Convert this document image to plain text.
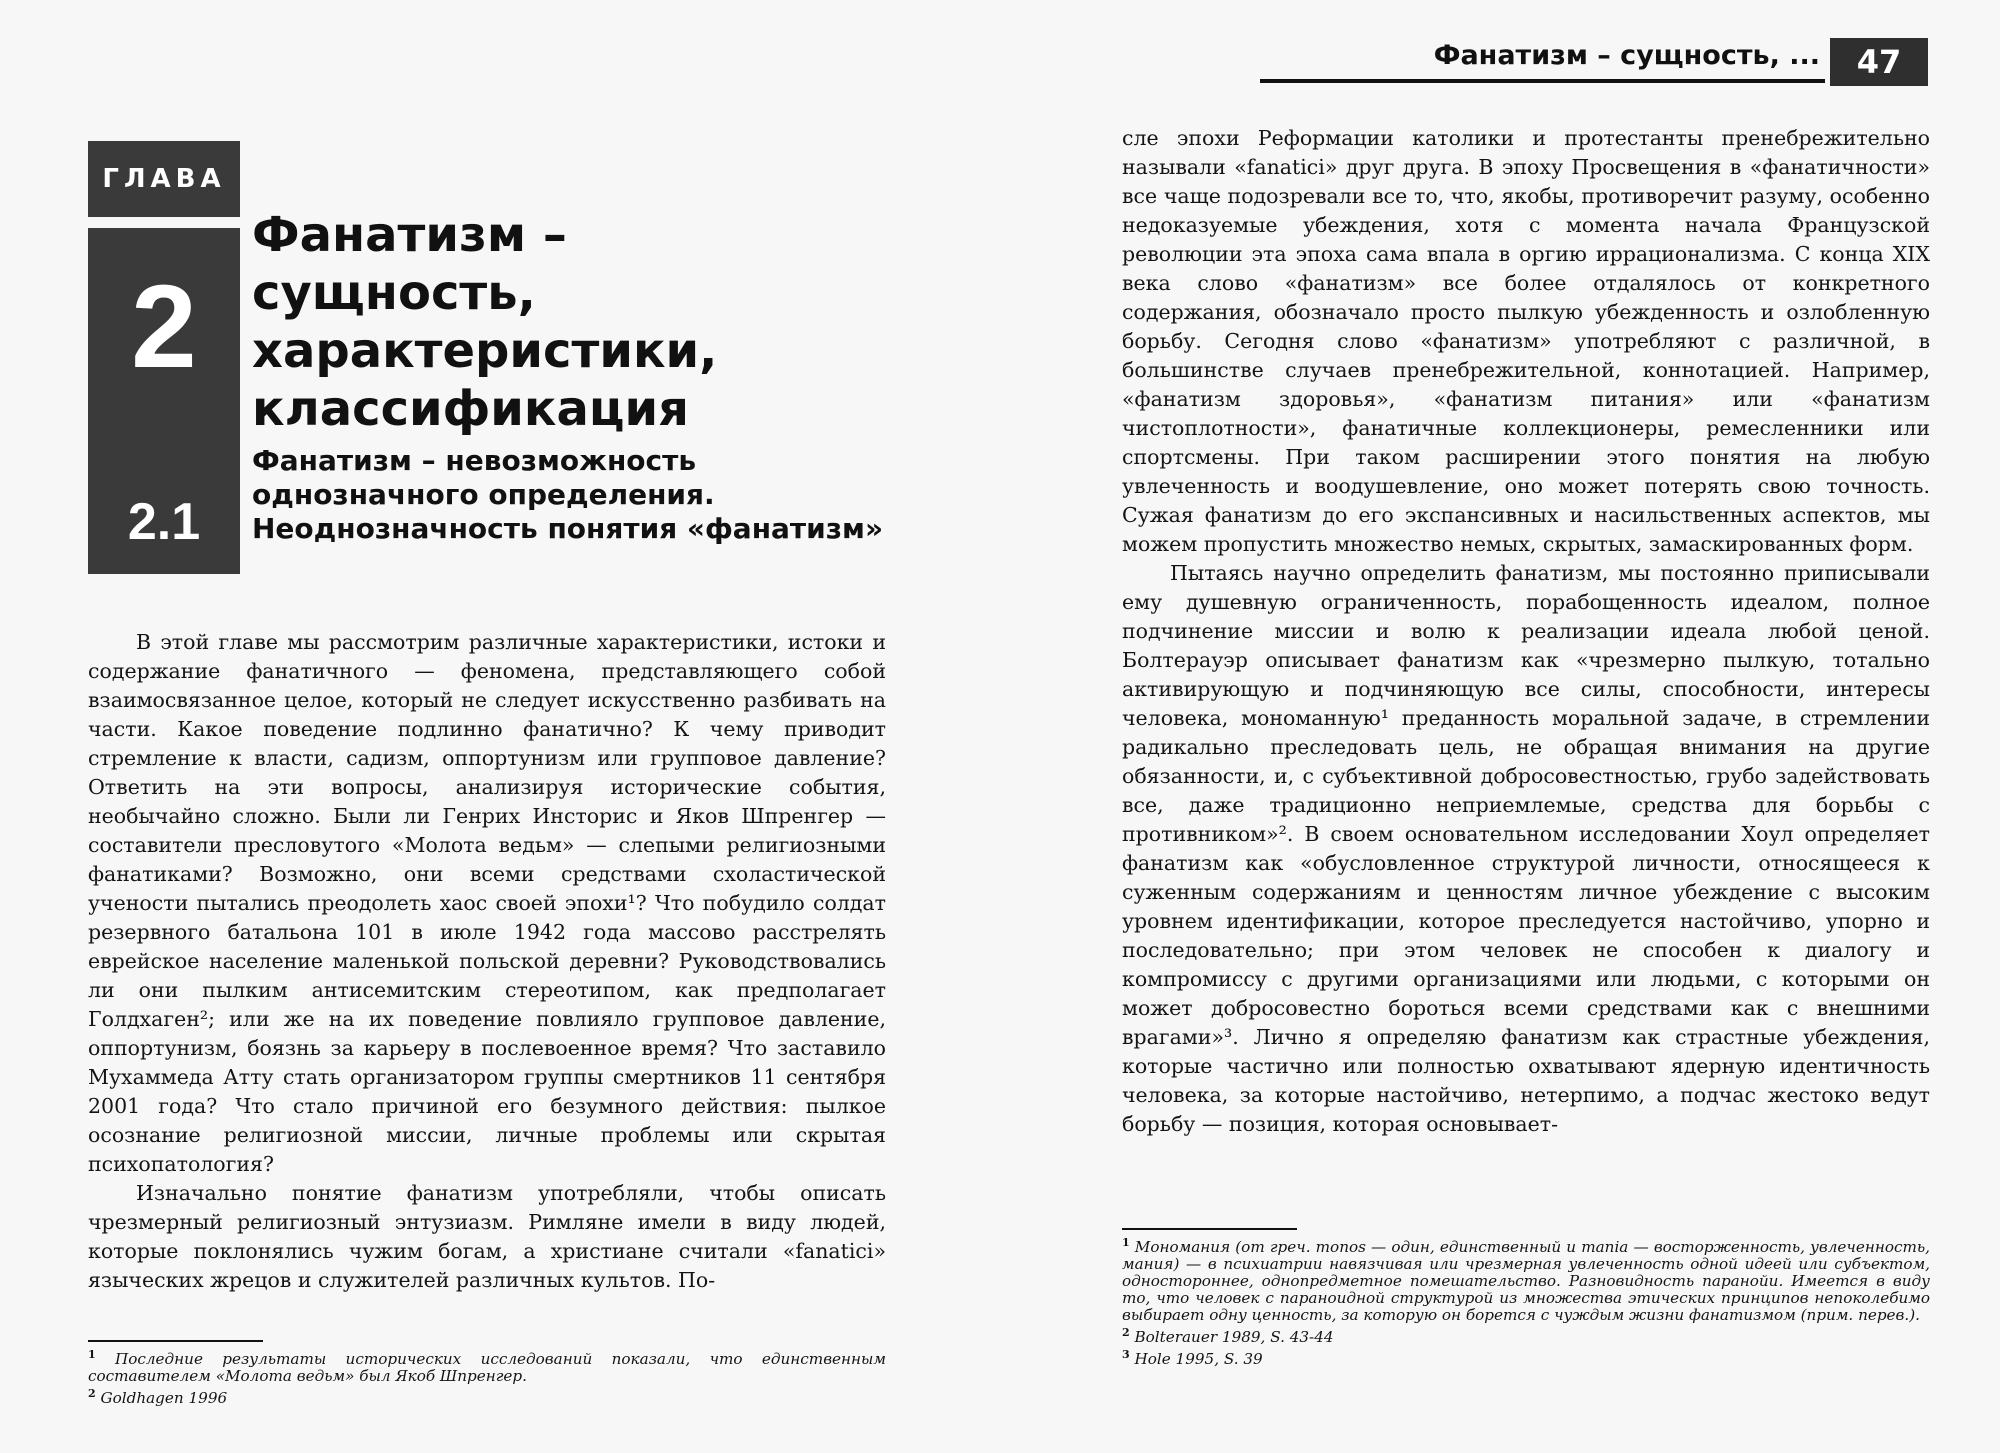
Фанатизм – сущность, ...	47
ГЛАВА
2
2.1
Фанатизм – сущность, характеристики, классификация
Фанатизм – невозможность однозначного определения. Неоднозначность понятия «фанатизм»

В этой главе мы рассмотрим различные характеристики, истоки и содержание фанатичного — феномена, представляющего собой взаимосвязанное целое, который не следует искусственно разбивать на части. Какое поведение подлинно фанатично? К чему приводит стремление к власти, садизм, оппортунизм или групповое давление? Ответить на эти вопросы, анализируя исторические события, необычайно сложно. Были ли Генрих Инсторис и Яков Шпренгер — составители пресловутого «Молота ведьм» — слепыми религиозными фанатиками? Возможно, они всеми средствами схоластической учености пытались преодолеть хаос своей эпохи¹? Что побудило солдат резервного батальона 101 в июле 1942 года массово расстрелять еврейское население маленькой польской деревни? Руководствовались ли они пылким антисемитским стереотипом, как предполагает Голдхаген²; или же на их поведение повлияло групповое давление, оппортунизм, боязнь за карьеру в послевоенное время? Что заставило Мухаммеда Атту стать организатором группы смертников 11 сентября 2001 года? Что стало причиной его безумного действия: пылкое осознание религиозной миссии, личные проблемы или скрытая психопатология?

Изначально понятие фанатизм употребляли, чтобы описать чрезмерный религиозный энтузиазм. Римляне имели в виду людей, которые поклонялись чужим богам, а христиане считали «fanatici» языческих жрецов и служителей различных культов. По-

$^1$ Последние результаты исторических исследований показали, что единственным составителем «Молота ведьм» был Якоб Шпренгер.

$^2$ Goldhagen 1996

сле эпохи Реформации католики и протестанты пренебрежительно называли «fanatici» друг друга. В эпоху Просвещения в «фанатичности» все чаще подозревали все то, что, якобы, противоречит разуму, особенно недоказуемые убеждения, хотя с момента начала Французской революции эта эпоха сама впала в оргию иррационализма. С конца XIX века слово «фанатизм» все более отдалялось от конкретного содержания, обозначало просто пылкую убежденность и озлобленную борьбу. Сегодня слово «фанатизм» употребляют с различной, в большинстве случаев пренебрежительной, коннотацией. Например, «фанатизм здоровья», «фанатизм питания» или «фанатизм чистоплотности», фанатичные коллекционеры, ремесленники или спортсмены. При таком расширении этого понятия на любую увлеченность и воодушевление, оно может потерять свою точность. Сужая фанатизм до его экспансивных и насильственных аспектов, мы можем пропустить множество немых, скрытых, замаскированных форм.

Пытаясь научно определить фанатизм, мы постоянно приписывали ему душевную ограниченность, порабощенность идеалом, полное подчинение миссии и волю к реализации идеала любой ценой. Болтерауэр описывает фанатизм как «чрезмерно пылкую, тотально активирующую и подчиняющую все силы, способности, интересы человека, мономанную¹ преданность моральной задаче, в стремлении радикально преследовать цель, не обращая внимания на другие обязанности, и, с субъективной добросовестностью, грубо задействовать все, даже традиционно неприемлемые, средства для борьбы с противником»². В своем основательном исследовании Хоул определяет фанатизм как «обусловленное структурой личности, относящееся к суженным содержаниям и ценностям личное убеждение с высоким уровнем идентификации, которое преследуется настойчиво, упорно и последовательно; при этом человек не способен к диалогу и компромиссу с другими организациями или людьми, с которыми он может добросовестно бороться всеми средствами как с внешними врагами»³. Лично я определяю фанатизм как страстные убеждения, которые частично или полностью охватывают ядерную идентичность человека, за которые настойчиво, нетерпимо, а подчас жестоко ведут борьбу — позиция, которая основывает-

$^1$ Мономания (от греч. monos — один, единственный и mania — восторженность, увлеченность, мания) — в психиатрии навязчивая или чрезмерная увлеченность одной идеей или субъектом, одностороннее, однопредметное помешательство. Разновидность паранойи. Имеется в виду то, что человек с параноидной структурой из множества этических принципов непоколебимо выбирает одну ценность, за которую он борется с чуждым жизни фанатизмом (прим. перев.).

$^2$ Bolterauer 1989, S. 43-44

$^3$ Hole 1995, S. 39
